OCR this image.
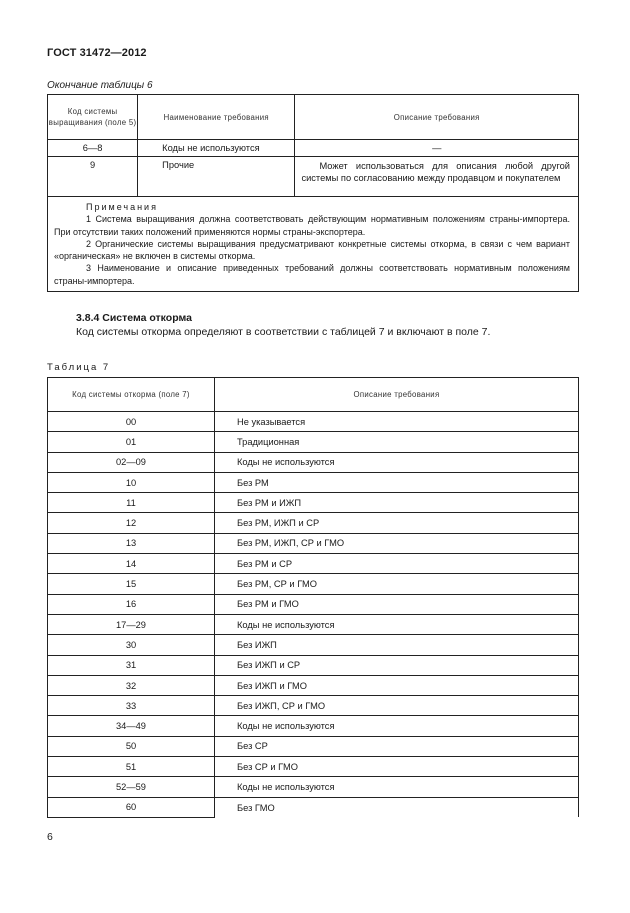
ГОСТ 31472—2012
Окончание таблицы 6
Код системы выращивания (поле 5)	Наименование требования	Описание требования
6—8	Коды не используются	—
9	Прочие	Может использоваться для описания любой другой системы по согласованию между продавцом и покупателем

Примечания
1 Система выращивания должна соответствовать действующим нормативным положениям страны-импортера. При отсутствии таких положений применяются нормы страны-экспортера.
2 Органические системы выращивания предусматривают конкретные системы откорма, в связи с чем вариант «органическая» не включен в системы откорма.
3 Наименование и описание приведенных требований должны соответствовать нормативным положениям страны-импортера.		
3.8.4 Система откорма
Код системы откорма определяют в соответствии с таблицей 7 и включают в поле 7.
Таблица 7
Код системы откорма (поле 7)	Описание требования
00	Не указывается
01	Традиционная
02—09	Коды не используются
10	Без РМ
11	Без РМ и ИЖП
12	Без РМ, ИЖП и СР
13	Без РМ, ИЖП, СР и ГМО
14	Без РМ и СР
15	Без РМ, СР и ГМО
16	Без РМ и ГМО
17—29	Коды не используются
30	Без ИЖП
31	Без ИЖП и СР
32	Без ИЖП и ГМО
33	Без ИЖП, СР и ГМО
34—49	Коды не используются
50	Без СР
51	Без СР и ГМО
52—59	Коды не используются
60	Без ГМО
6
